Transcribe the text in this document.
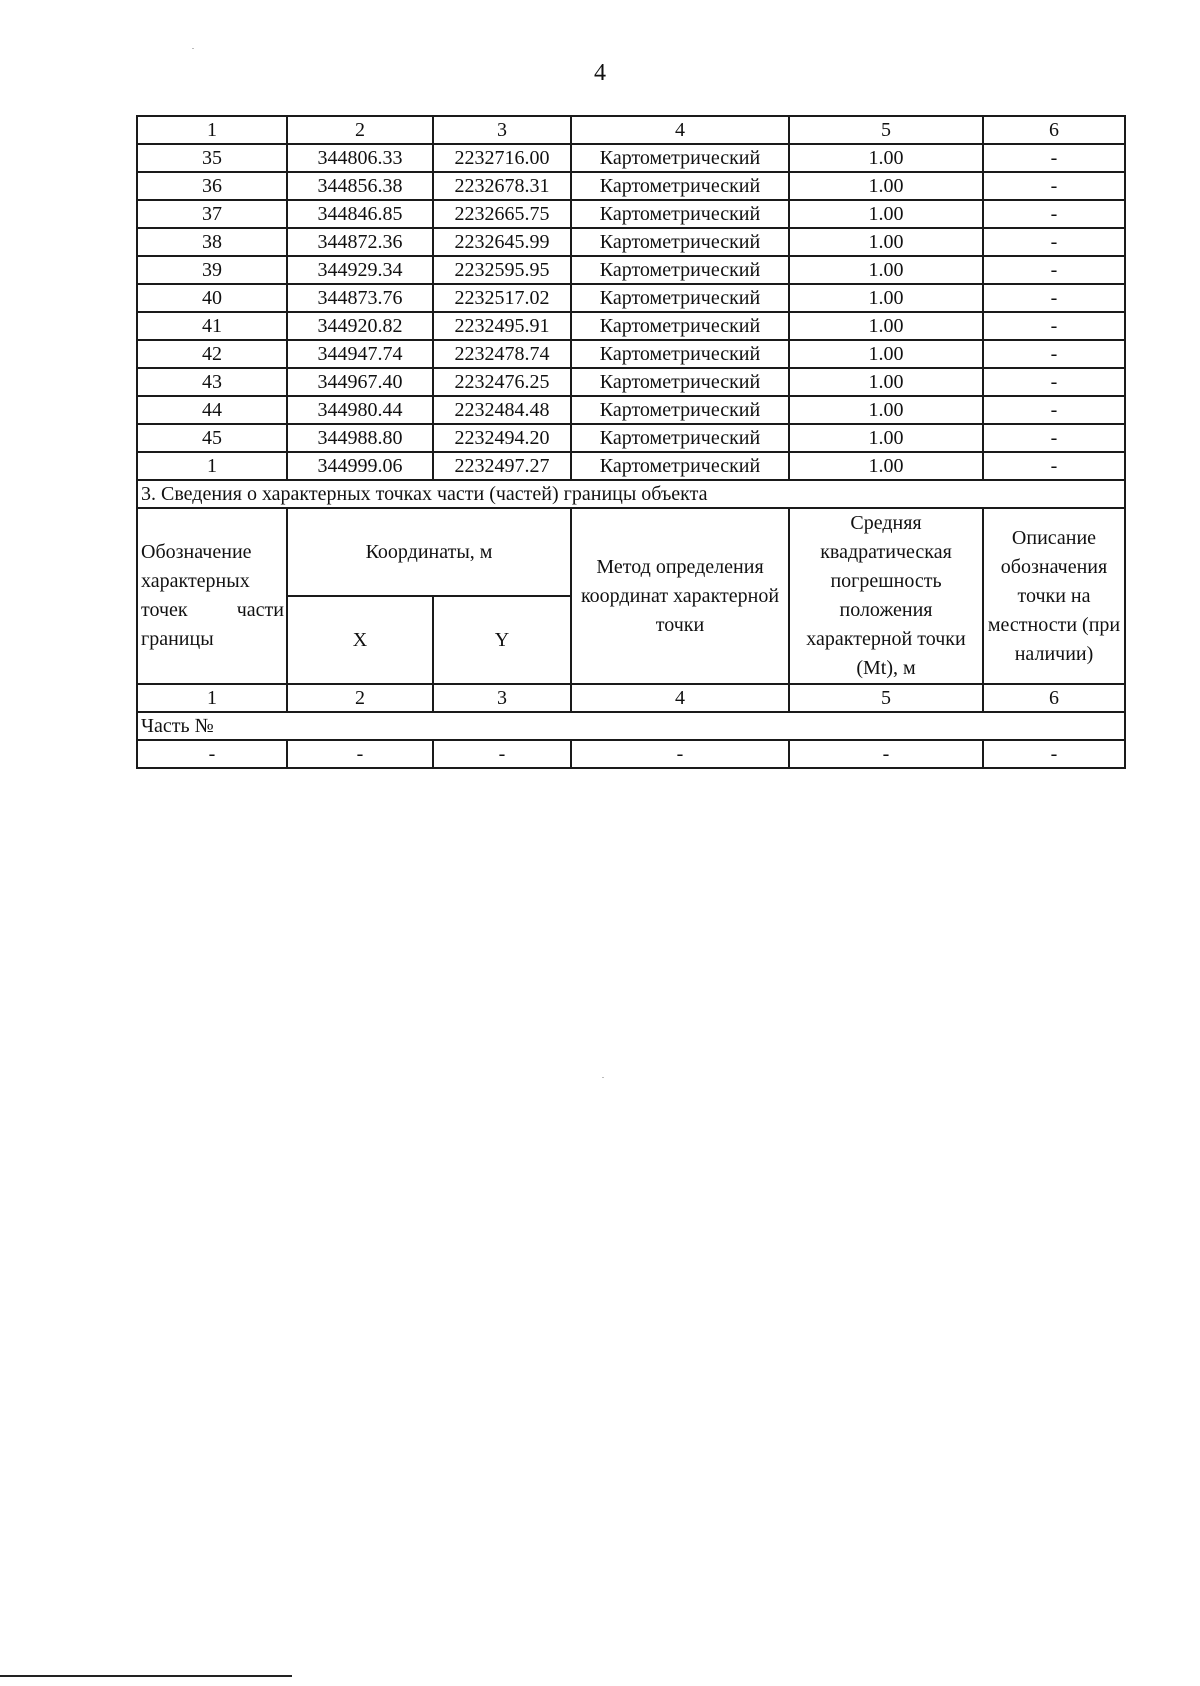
4
1	2	3	4	5	6
35	344806.33	2232716.00	Картометрический	1.00	-
36	344856.38	2232678.31	Картометрический	1.00	-
37	344846.85	2232665.75	Картометрический	1.00	-
38	344872.36	2232645.99	Картометрический	1.00	-
39	344929.34	2232595.95	Картометрический	1.00	-
40	344873.76	2232517.02	Картометрический	1.00	-
41	344920.82	2232495.91	Картометрический	1.00	-
42	344947.74	2232478.74	Картометрический	1.00	-
43	344967.40	2232476.25	Картометрический	1.00	-
44	344980.44	2232484.48	Картометрический	1.00	-
45	344988.80	2232494.20	Картометрический	1.00	-
1	344999.06	2232497.27	Картометрический	1.00	-
3. Сведения о характерных точках части (частей) границы объекта					
Обозначение характерных точек части границы	Координаты, м		Метод определения координат характерной точки	Средняя квадратическая погрешность положения характерной точки (Mt), м	Описание обозначения точки на местности (при наличии)
	X	Y			
1	2	3	4	5	6
Часть №					
-	-	-	-	-	-
